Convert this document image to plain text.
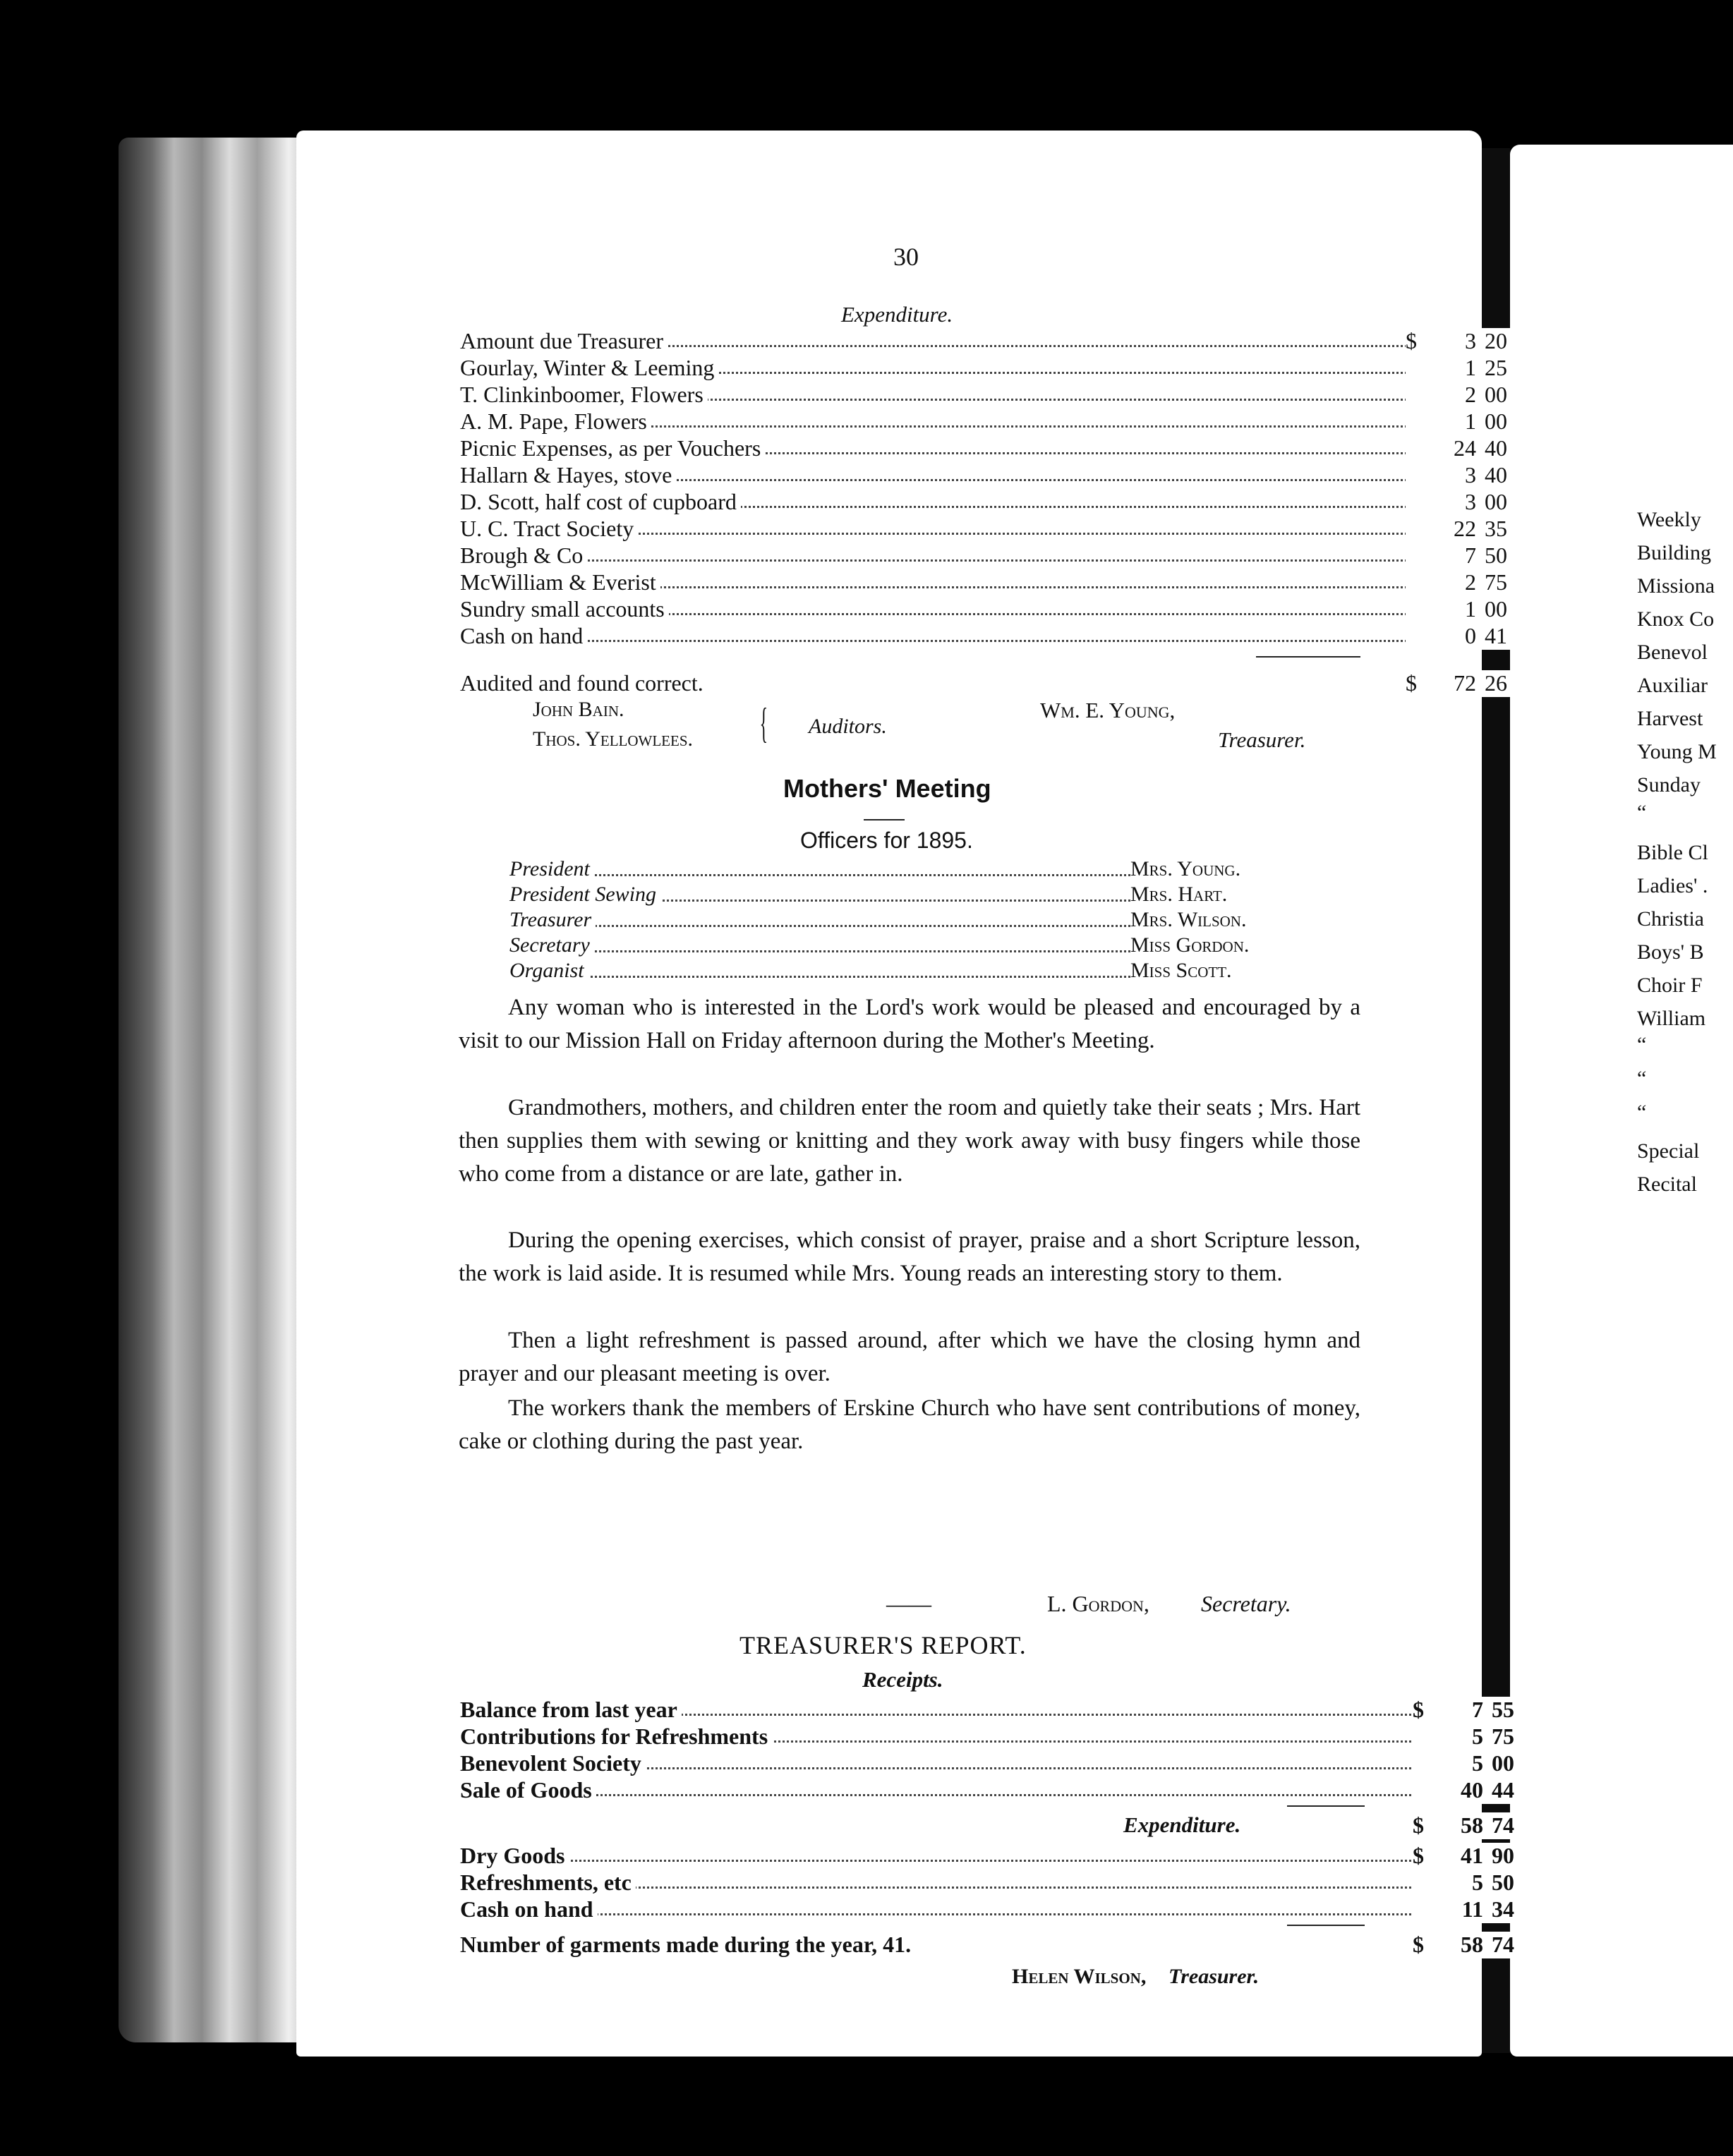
Weekly
Building
Missiona
Knox Co
Benevol
Auxiliar
Harvest
Young M
Sunday
“
Bible Cl
Ladies' .
Christia
Boys' B
Choir F
William
“
“
“
Special
Recital
30
Expenditure.
Amount due Treasurer	$ 3 20
Gourlay, Winter & Leeming	1 25
T. Clinkinboomer, Flowers	2 00
A. M. Pape, Flowers	1 00
Picnic Expenses, as per Vouchers	24 40
Hallarn & Hayes, stove	3 40
D. Scott, half cost of cupboard	3 00
U. C. Tract Society	22 35
Brough & Co	7 50
McWilliam & Everist	2 75
Sundry small accounts	1 00
Cash on hand	0 41
Audited and found correct.	$ 72 26
John Bain.
Thos. Yellowlees. { Auditors.
Wm. E. Young,
Treasurer.
Mothers' Meeting
Officers for 1895.
President	Mrs. Young.
President Sewing	Mrs. Hart.
Treasurer	Mrs. Wilson.
Secretary	Miss Gordon.
Organist	Miss Scott.
Any woman who is interested in the Lord's work would be pleased and encouraged by a visit to our Mission Hall on Friday afternoon during the Mother's Meeting.
Grandmothers, mothers, and children enter the room and quietly take their seats ; Mrs. Hart then supplies them with sewing or knitting and they work away with busy fingers while those who come from a distance or are late, gather in.
During the opening exercises, which consist of prayer, praise and a short Scripture lesson, the work is laid aside. It is resumed while Mrs. Young reads an interesting story to them.
Then a light refreshment is passed around, after which we have the closing hymn and prayer and our pleasant meeting is over.
The workers thank the members of Erskine Church who have sent contributions of money, cake or clothing during the past year.
——	L. Gordon, Secretary.
TREASURER'S REPORT.
Receipts.
Balance from last year	$ 7 55
Contributions for Refreshments	5 75
Benevolent Society	5 00
Sale of Goods	40 44
Expenditure.	$ 58 74
Dry Goods	$ 41 90
Refreshments, etc	5 50
Cash on hand	11 34
Number of garments made during the year, 41.	$ 58 74
Helen Wilson, Treasurer.
